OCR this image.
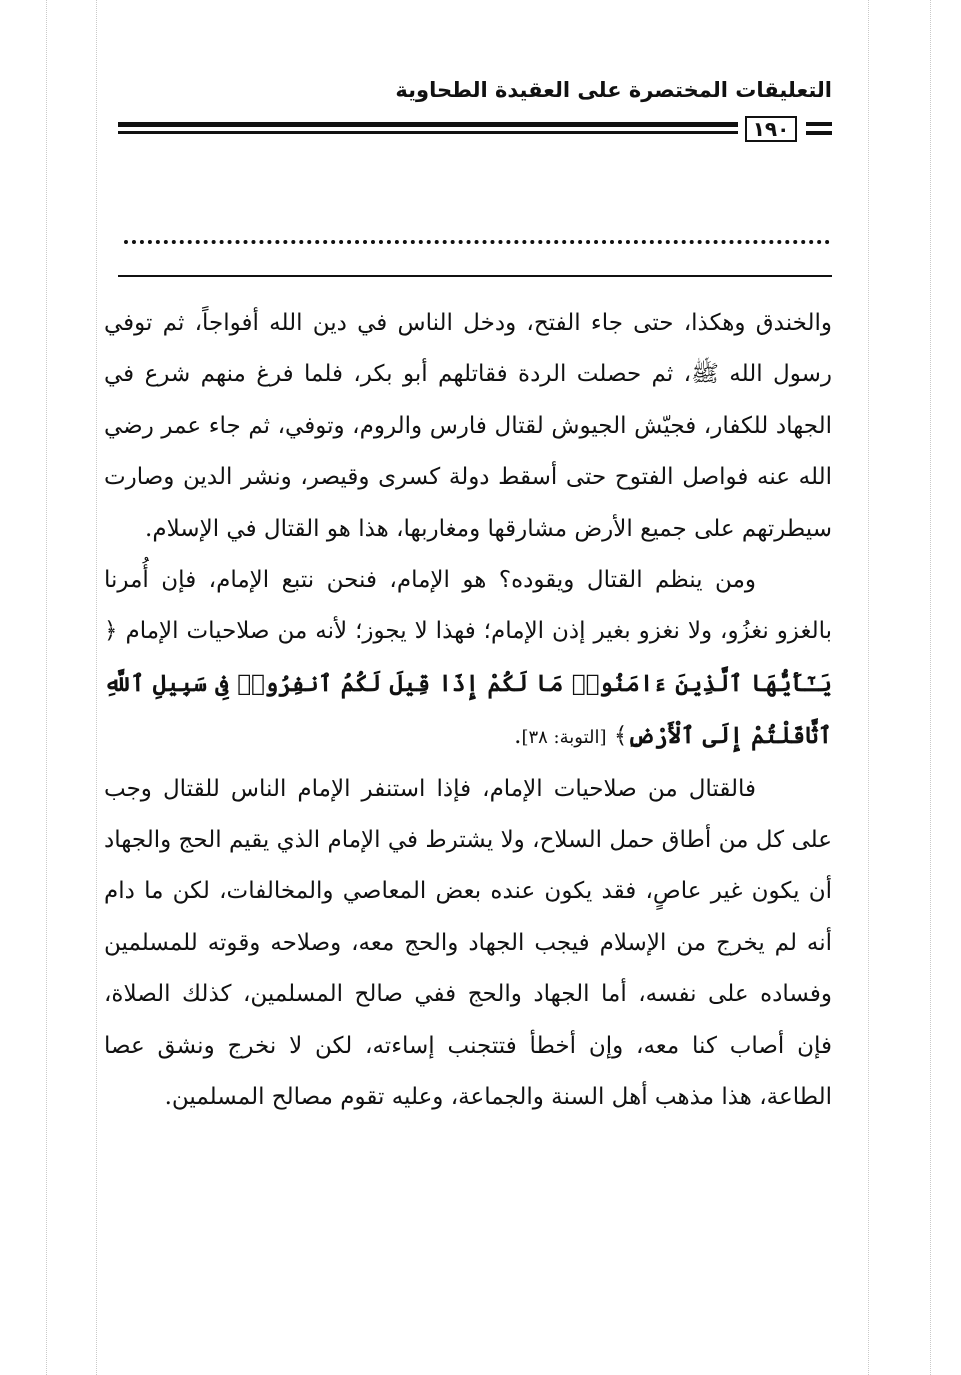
التعليقات المختصرة على العقيدة الطحاوية
١٩٠

والخندق وهكذا، حتى جاء الفتح، ودخل الناس في دين الله أفواجاً، ثم توفي رسول الله ﷺ، ثم حصلت الردة فقاتلهم أبو بكر، فلما فرغ منهم شرع في الجهاد للكفار، فجيّش الجيوش لقتال فارس والروم، وتوفي، ثم جاء عمر رضي الله عنه فواصل الفتوح حتى أسقط دولة كسرى وقيصر، ونشر الدين وصارت سيطرتهم على جميع الأرض مشارقها ومغاربها، هذا هو القتال في الإسلام.

ومن ينظم القتال ويقوده؟ هو الإمام، فنحن نتبع الإمام، فإن أُمرنا بالغزو نغزُو، ولا نغزو بغير إذن الإمام؛ فهذا لا يجوز؛ لأنه من صلاحيات الإمام ﴿ يَـٰٓأَيُّهَا ٱلَّذِينَ ءَامَنُوا۟ مَا لَكُمْ إِذَا قِيلَ لَكُمُ ٱنفِرُوا۟ فِى سَبِيلِ ٱللَّهِ ٱثَّاقَلْتُمْ إِلَى ٱلْأَرْضِ﴾ [التوبة: ٣٨].

فالقتال من صلاحيات الإمام، فإذا استنفر الإمام الناس للقتال وجب على كل من أطاق حمل السلاح، ولا يشترط في الإمام الذي يقيم الحج والجهاد أن يكون غير عاصٍ، فقد يكون عنده بعض المعاصي والمخالفات، لكن ما دام أنه لم يخرج من الإسلام فيجب الجهاد والحج معه، وصلاحه وقوته للمسلمين وفساده على نفسه، أما الجهاد والحج ففي صالح المسلمين، كذلك الصلاة، فإن أصاب كنا معه، وإن أخطأ فتتجنب إساءته، لكن لا نخرج ونشق عصا الطاعة، هذا مذهب أهل السنة والجماعة، وعليه تقوم مصالح المسلمين.
